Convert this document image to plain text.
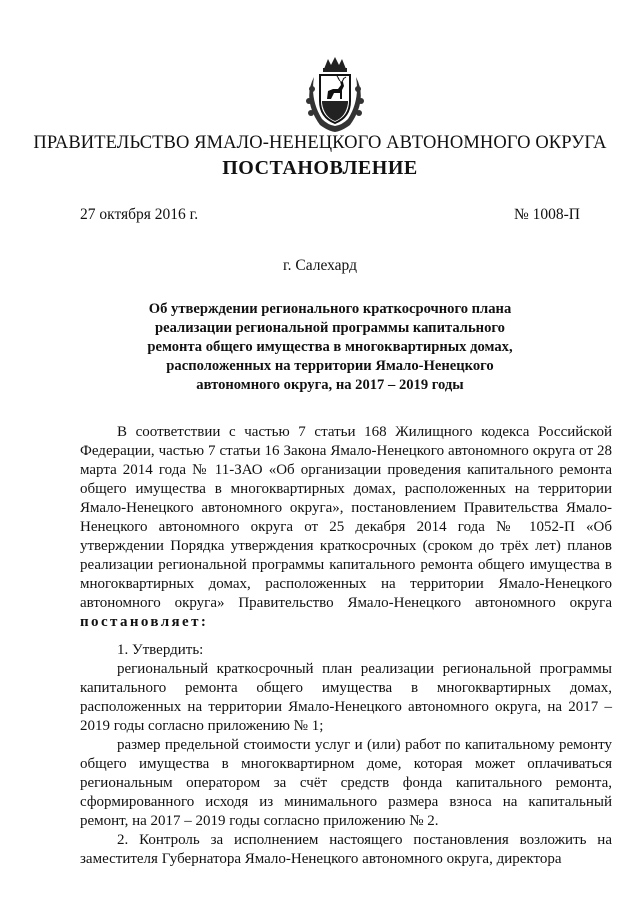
ПРАВИТЕЛЬСТВО ЯМАЛО-НЕНЕЦКОГО АВТОНОМНОГО ОКРУГА
ПОСТАНОВЛЕНИЕ
27 октября 2016 г.	№ 1008-П
г. Салехард
Об утверждении регионального краткосрочного плана реализации региональной программы капитального ремонта общего имущества в многоквартирных домах, расположенных на территории Ямало-Ненецкого автономного округа, на 2017 – 2019 годы

В соответствии с частью 7 статьи 168 Жилищного кодекса Российской Федерации, частью 7 статьи 16 Закона Ямало-Ненецкого автономного округа от 28 марта 2014 года № 11-ЗАО «Об организации проведения капитального ремонта общего имущества в многоквартирных домах, расположенных на территории Ямало-Ненецкого автономного округа», постановлением Правительства Ямало-Ненецкого автономного округа от 25 декабря 2014 года № 1052-П «Об утверждении Порядка утверждения краткосрочных (сроком до трёх лет) планов реализации региональной программы капитального ремонта общего имущества в многоквартирных домах, расположенных на территории Ямало-Ненецкого автономного округа» Правительство Ямало-Ненецкого автономного округа постановляет:

1. Утвердить:

региональный краткосрочный план реализации региональной программы капитального ремонта общего имущества в многоквартирных домах, расположенных на территории Ямало-Ненецкого автономного округа, на 2017 –2019 годы согласно приложению № 1;

размер предельной стоимости услуг и (или) работ по капитальному ремонту общего имущества в многоквартирном доме, которая может оплачиваться региональным оператором за счёт средств фонда капитального ремонта, сформированного исходя из минимального размера взноса на капитальный ремонт, на 2017 – 2019 годы согласно приложению № 2.

2. Контроль за исполнением настоящего постановления возложить на заместителя Губернатора Ямало-Ненецкого автономного округа, директора
